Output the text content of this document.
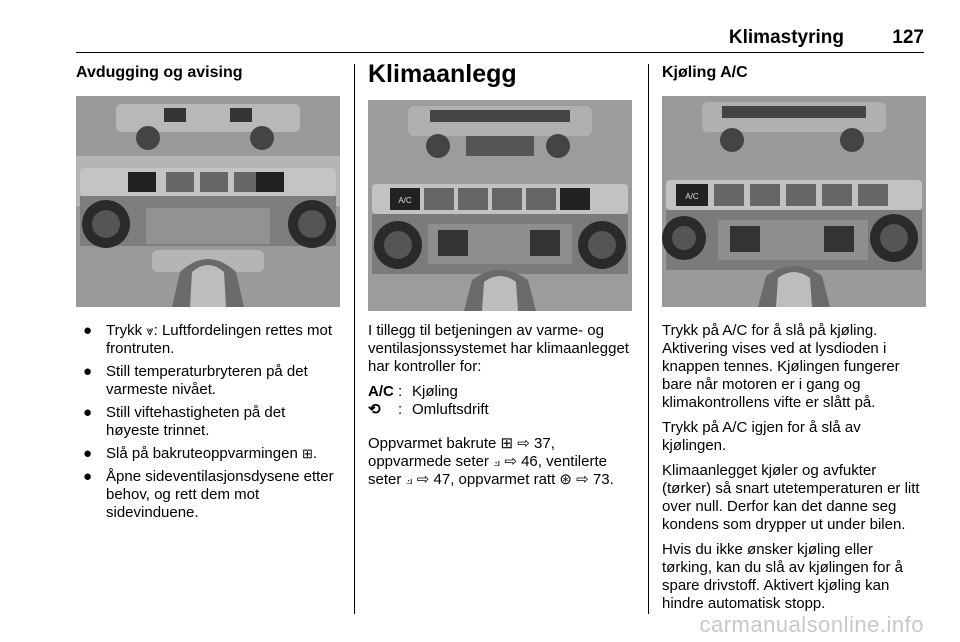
Klimastyring	127
Avdugging og avising
● Trykk ⩔: Luftfordelingen rettes mot frontruten.
● Still temperaturbryteren på det varmeste nivået.
● Still viftehastigheten på det høyeste trinnet.
● Slå på bakruteoppvarmingen ⊞.
● Åpne sideventilasjonsdysene etter behov, og rett dem mot sidevinduene.
Klimaanlegg
A/C

I tillegg til betjeningen av varme- og ventilasjonssystemet har klimaanlegget har kontroller for:

A/C : Kjøling
⟲	: Omluftsdrift

Oppvarmet bakrute ⊞ ⇨ 37, oppvarmede seter ⟓ ⇨ 46, ventilerte seter ⟓ ⇨ 47, oppvarmet ratt ⊛ ⇨ 73.

Kjøling A/C
A/C

Trykk på A/C for å slå på kjøling. Aktivering vises ved at lysdioden i knappen tennes. Kjølingen fungerer bare når motoren er i gang og klimakontrollens vifte er slått på.

Trykk på A/C igjen for å slå av kjølingen.

Klimaanlegget kjøler og avfukter (tørker) så snart utetemperaturen er litt over null. Derfor kan det danne seg kondens som drypper ut under bilen.

Hvis du ikke ønsker kjøling eller tørking, kan du slå av kjølingen for å spare drivstoff. Aktivert kjøling kan hindre automatisk stopp.

carmanualsonline.info
